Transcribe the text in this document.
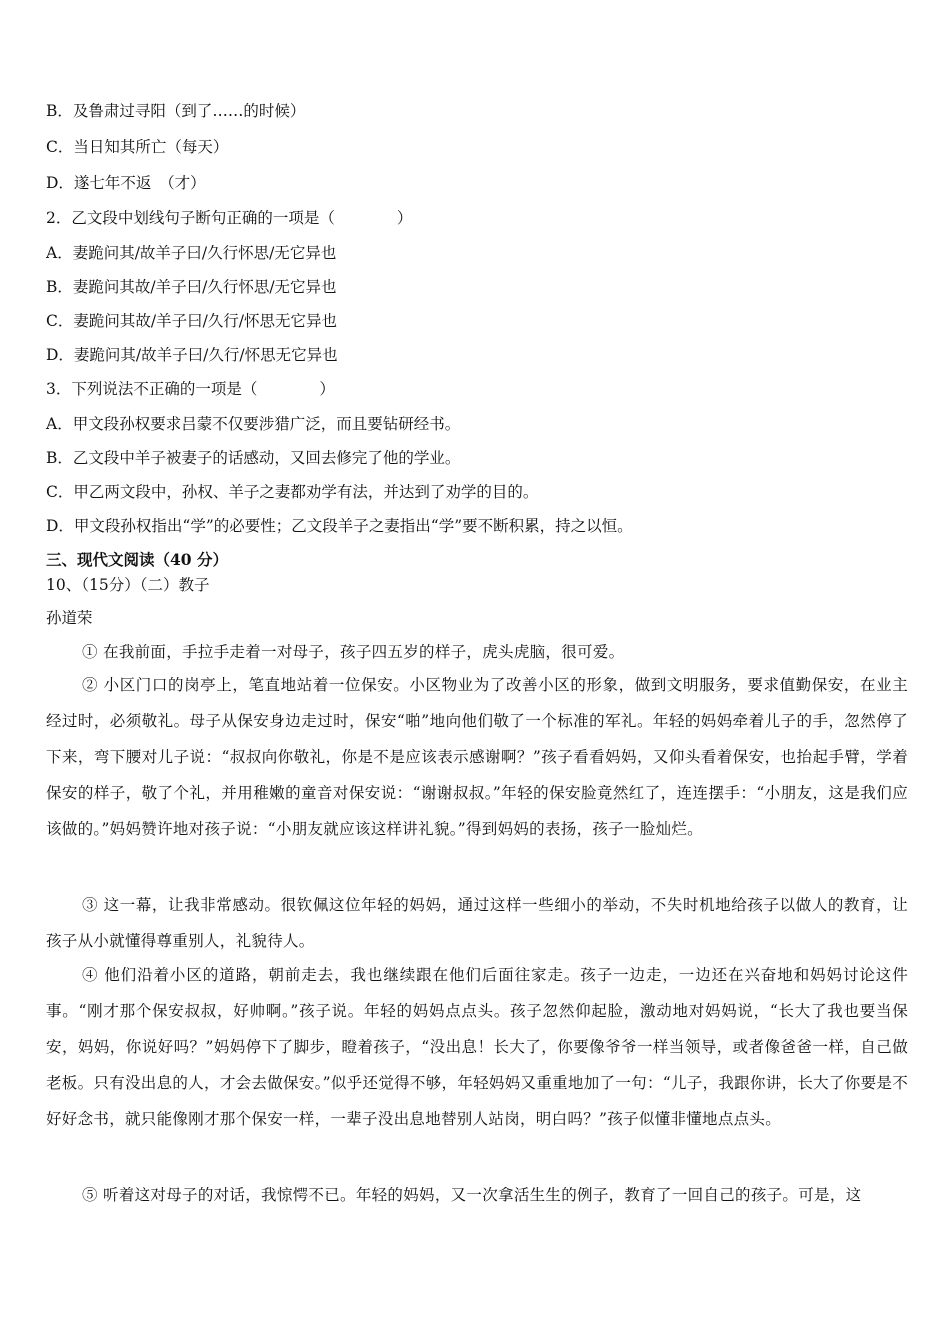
B．及鲁肃过寻阳（到了……的时候）
C．当日知其所亡（每天）
D．遂七年不返　（才）
2．乙文段中划线句子断句正确的一项是（　　　　）
A．妻跪问其/故羊子曰/久行怀思/无它异也
B．妻跪问其故/羊子曰/久行怀思/无它异也
C．妻跪问其故/羊子曰/久行/怀思无它异也
D．妻跪问其/故羊子曰/久行/怀思无它异也
3．下列说法不正确的一项是（　　　　）
A．甲文段孙权要求吕蒙不仅要涉猎广泛，而且要钻研经书。
B．乙文段中羊子被妻子的话感动，又回去修完了他的学业。
C．甲乙两文段中，孙权、羊子之妻都劝学有法，并达到了劝学的目的。
D．甲文段孙权指出“学”的必要性；乙文段羊子之妻指出“学”要不断积累，持之以恒。
三、现代文阅读（40 分）
10、（15分）（二）教子
孙道荣
① 在我前面，手拉手走着一对母子，孩子四五岁的样子，虎头虎脑，很可爱。
② 小区门口的岗亭上，笔直地站着一位保安。小区物业为了改善小区的形象，做到文明服务，要求值勤保安，在业主经过时，必须敬礼。母子从保安身边走过时，保安“啪”地向他们敬了一个标准的军礼。年轻的妈妈牵着儿子的手，忽然停了下来，弯下腰对儿子说：“叔叔向你敬礼，你是不是应该表示感谢啊？”孩子看看妈妈，又仰头看着保安，也抬起手臂，学着保安的样子，敬了个礼，并用稚嫩的童音对保安说：“谢谢叔叔。”年轻的保安脸竟然红了，连连摆手：“小朋友，这是我们应该做的。”妈妈赞许地对孩子说：“小朋友就应该这样讲礼貌。”得到妈妈的表扬，孩子一脸灿烂。
③ 这一幕，让我非常感动。很钦佩这位年轻的妈妈，通过这样一些细小的举动，不失时机地给孩子以做人的教育，让孩子从小就懂得尊重别人，礼貌待人。
④ 他们沿着小区的道路，朝前走去，我也继续跟在他们后面往家走。孩子一边走，一边还在兴奋地和妈妈讨论这件事。“刚才那个保安叔叔，好帅啊。”孩子说。年轻的妈妈点点头。孩子忽然仰起脸，激动地对妈妈说，“长大了我也要当保安，妈妈，你说好吗？”妈妈停下了脚步，瞪着孩子，“没出息！长大了，你要像爷爷一样当领导，或者像爸爸一样，自己做老板。只有没出息的人，才会去做保安。”似乎还觉得不够，年轻妈妈又重重地加了一句：“儿子，我跟你讲，长大了你要是不好好念书，就只能像刚才那个保安一样，一辈子没出息地替别人站岗，明白吗？”孩子似懂非懂地点点头。
⑤ 听着这对母子的对话，我惊愕不已。年轻的妈妈，又一次拿活生生的例子，教育了一回自己的孩子。可是，这
